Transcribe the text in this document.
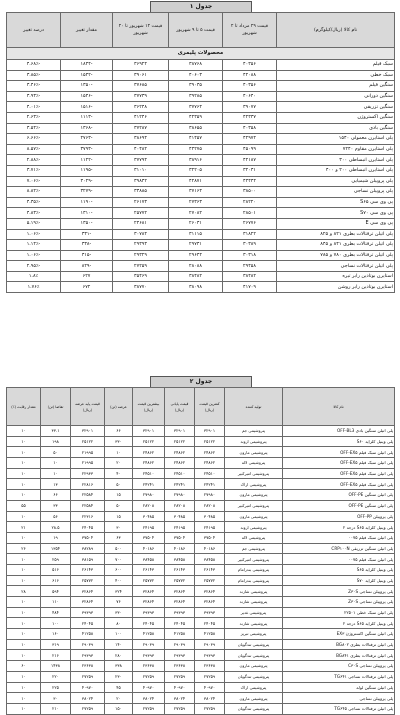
جدول ۱
نام کالا (ریال/کیلوگرم)	قیمت ۲۹ مرداد تا ۲ شهریور	قیمت ۵ تا ۹ شهریور	قیمت ۱۲ شهریور تا ۲۰ شهریور	مقدار تغییر	درصد تغییر
محصولات پلیمری					
سبک فیلم	۴۰۳۵۶	۳۸۷۶۸	۳۶۹۲۴	-۱۸۴۴	-۴.۶۸٪
سبک خطی	۴۲۰۸۸	۴۰۶۰۳	۳۹۰۶۱	-۱۵۴۲	-۳.۸۵٪
سنگین فیلم	۴۰۳۵۶	۳۹۰۳۵	۳۷۶۸۵	-۱۳۵۰	-۳.۴۶٪
سنگین دورانی	۴۰۶۴۰	۳۹۲۸۵	۳۷۷۳۹	-۱۵۴۶	-۳.۹۳٪
سنگین تزریقی	۳۹۰۷۷	۳۷۷۶۴	۳۶۲۴۸	-۱۵۱۶	-۴.۰۱٪
سنگین اکستروژن	۴۲۳۳۷	۴۲۳۵۹	۴۱۲۴۶	-۱۱۱۳	-۲.۶۳٪
سنگین بادی	۴۰۳۵۸	۳۸۶۵۵	۳۷۲۸۷	-۱۳۶۸	-۳.۵۴٪
پلی استایرن معمولی ۱۵۴۰	۴۲۹۷۴	۴۱۴۵۷	۳۸۶۹۴	-۲۷۶۳	-۶.۶۶٪
پلی استایرن مقاوم ۷۲۴۰	۴۵۰۹۹	۴۴۲۷۵	۴۰۴۸۲	-۳۷۹۳	-۸.۵۷٪
پلی استایرن انبساطی ۳۰۰	۴۲۱۸۷	۳۸۹۱۶	۳۷۷۹۴	-۱۱۲۲	-۲.۸۸٪
پلی استایرن انبساطی ۲۰۰ و ۴۰۰	۳۲۰۳۱	۳۲۲۰۵	۳۱۰۱۰	-۱۱۹۵	-۳.۷۱٪
پلی پروپیلن شیمیایی	۴۴۴۴۴	۴۲۸۷۱	۳۹۸۴۲	-۳۰۲۹	-۷.۰۶٪
پلی پروپیلن نساجی	۳۸۵۰۰	۳۷۱۶۴	۳۳۸۸۵	-۳۲۷۹	-۸.۸۲٪
پی وی سی S۶۵	۲۸۲۲۰	۲۷۳۶۳	۲۶۱۷۳	-۱۱۹۰	-۴.۳۵٪
پی وی سی S۷۰	۲۸۵۰۱	۲۷۰۸۲	۲۵۷۷۲	-۱۳۱۰	-۴.۸۳٪
پی وی سی E	۲۶۷۷۶	۲۶۰۳۱	۲۴۶۸۱	-۱۳۵۰	-۵.۱۹٪
پلی اتیلن ترفتالات بطری ۸۲۱ و ۸۲۵	۳۱۸۲۲	۳۱۱۱۵	۳۰۷۸۴	-۳۳۱	-۱.۰۶٪
پلی اتیلن ترفتالات بطری ۸۴۱ و ۸۴۵	۳۰۳۸۹	۲۹۷۳۱	۲۹۳۹۳	-۳۳۸	-۱.۱۴٪
پلی اتیلن ترفتالات بطری ۷۸۰ و ۷۸۵	۳۰۳۱۸	۲۹۶۴۴	۲۹۳۲۹	-۳۱۵	-۱.۰۶٪
پلی اتیلن ترفتالات نساجی	۲۹۴۵۸	۲۸۰۸۸	۲۷۲۵۹	-۸۲۹	-۲.۹۵٪
استایرن بوتادین رابر تیره	۳۸۴۸۲	۳۸۴۸۲	۳۵۴۶۹	۶۲۷	۱.۸٪
استایرن بوتادین رابر روشن	۴۱۷۰۹	۳۸۰۹۸	۳۸۷۷۰	۶۷۲	۱.۷۶٪
جدول ۲
نام کالا	تولید کننده	کمترین قیمت (ریال)	قیمت پایانی (ریال)	بیشترین قیمت (ریال)	عرضه (تن)	قیمت پایه عرضه (ریال)	تقاضا (تن)	مقدار رقابت (٪)
پلی اتیلن سنگین بادی OFF-BL3	پتروشیمی جم	۳۲۹۰۱	۳۲۹۰۱	۳۲۹۰۱	۶۶	۳۲۹۰۱	۳۳.۱	۱۰
پلی وینیل کلراید S۶۰	پتروشیمی اروند	۲۵۱۲۲	۲۵۱۲۲	۲۵۱۲۲	۳۳۰	۲۵۱۲۲	۱۹۸	۱۰
پلی اتیلن سبک فیلم OFF-EX۵	پتروشیمی مارون	۲۴۸۶۲	۲۴۸۶۲	۲۴۸۶۲	۱۰	۲۱۹۹۵	۵۰	۱۰
پلی اتیلن سبک فیلم OFF-EX۵	پتروشیمی لاله	۲۴۸۶۲	۲۴۸۶۲	۲۴۸۶۲	۲۰	۲۱۹۹۵	۱۰	۱۰
پلی اتیلن سبک فیلم OFF-EX۵	پتروشیمی امیرکبیر	۲۴۵۱۰	۲۴۵۱۰	۲۴۵۱۰	۴۰	۲۲۹۳۳	۱۰	۱۰
پلی اتیلن سبک فیلم OFF-EX۵	پتروشیمی اراک	۲۴۲۴۱	۲۴۲۴۱	۲۴۲۴۱	۵۰	۲۲۸۱۶	۱۳	۱۰
پلی اتیلن سنگین OFF-PE	پتروشیمی مارون	۲۷۹۸۰	۲۷۹۸۰	۲۷۹۸۰	۱۵	۲۲۵۸۴	۶۶	۱۰
پلی اتیلن سنگین OFF-PE	پتروشیمی امیرکبیر	۲۸۲۰۸	۲۸۲۰۸	۲۸۲۰۸	۵۰	۲۲۵۸۴	۳۳	۵۵
پلی پروپیلن OFF-PP	پتروشیمی مارون	۳۰۴۸۵	۳۰۴۸۵	۳۰۴۸۵	۱۵	۲۲۳۱۶	۵۶	۱۰
پلی وینیل کلراید S۶۵ درجه ۲	پتروشیمی اروند	۲۴۱۹۵	۲۴۱۹۵	۲۴۱۹۵	۳۰	۲۴۰۴۵	۲۸.۵	۲۱
پلی اتیلن سبک فیلم ۰۰۷۵	پتروشیمی لاله	۳۷۵۰۴	۳۷۵۰۴	۳۷۵۰۴	۶۳	۳۷۵۰۴	۱۹	۱۰
پلی اتیلن سنگین تزریقی CRP۱۰۰N	پتروشیمی جم	۴۰۱۸۶	۴۰۱۸۶	۴۰۱۸۶	۵۰۰	۳۸۲۸۹	۱۳۵۴	۲۶
پلی اتیلن سبک فیلم ۰۰۷۵	پتروشیمی امیرکبیر	۳۸۴۵۸	۳۸۴۵۸	۳۸۴۵۸	۷۰۰	۳۸۱۵۹	۲۵۹	۱۰
پلی وینیل کلراید S۶۵	پتروشیمی بندرامام	۲۶۱۴۳	۲۶۱۴۳	۲۶۱۴۳	۶۰۰	۲۶۱۴۳	۵۱۶	۱۰
پلی وینیل کلراید S۷۰	پتروشیمی بندرامام	۲۵۷۷۲	۲۵۷۷۲	۲۵۷۷۲	۴۰۰	۲۵۷۷۲	۶۱۶	۱۰
پلی پروپیلن نساجی Z۳۰S	پتروشیمی شازند	۳۲۸۶۴	۳۲۸۶۴	۳۲۸۶۴	۳۲۴	۳۲۸۶۴	۵۹۴	۲۸
پلی پروپیلن نساجی Z۳۰S	پتروشیمی شازند	۳۲۸۶۴	۳۲۸۶۴	۳۲۸۶۴	۷۶	۳۲۸۶۴	۱۱۰	۱۰
پلی اتیلن سبک خطی ۲۲۵۰۱	پتروشیمی غدیر	۳۹۳۹۳	۳۹۳۹۳	۳۹۳۹۳	۳۳۰	۳۹۳۹۳	۴۸۴	۱۰
پلی وینیل کلراید S۶۵ درجه ۲	پتروشیمی شازند	۲۴۰۴۵	۲۴۰۴۵	۲۴۰۴۵	۸۰	۲۴۰۴۵	۱۰۰	۱۰
پلی اتیلن سنگین اکستروژن EX۳	پتروشیمی تبریز	۴۱۲۵۸	۴۱۲۵۸	۴۱۲۵۸	۱۰۰	۴۱۲۵۸	۱۶۰	۱۰
پلی اتیلن ترفتالات بطری BG۸۰۲	پتروشیمی تندگویان	۲۹۰۳۹	۲۹۰۳۹	۲۹۰۳۹	۱۴۰	۲۹۰۳۹	۳۱۹	۱۰
پلی اتیلن ترفتالات بطری BG۸۴۱	پتروشیمی تندگویان	۲۹۳۹۳	۲۹۳۹۳	۲۹۳۹۳	۲۸۰	۲۹۳۹۳	۲۱۶	۱۰
پلی پروپیلن نساجی C۳۰S	پتروشیمی مارون	۲۳۶۳۸	۲۳۶۳۸	۲۳۶۳۸	۳۳۸	۲۳۶۳۸	۱۴۳۸	۶۰
پلی اتیلن ترفتالات نساجی TG۶۴۱	پتروشیمی تندگویان	۲۷۲۵۹	۲۷۲۵۹	۲۷۲۵۹	۲۳۰	۲۷۲۵۹	۲۲۰	۱۰
پلی اتیلن سنگین لوله	پتروشیمی اراک	۴۰۹۷۰	۴۰۹۷۰	۴۰۹۷۰	۴۵	۴۰۹۷۰	۲۲۵	۱۰
پلی پروپیلن نساجی	پتروشیمی مارون	۳۸۰۲۴	۳۸۰۲۴	۳۸۰۲۴	۲۰	۳۸۰۲۴	۳۰	۱۰
پلی اتیلن ترفتالات نساجی TG۶۴۵	پتروشیمی تندگویان	۲۷۲۵۹	۲۷۲۵۹	۲۷۲۵۹	۱۵۰	۲۷۲۵۹	۲۱۰	۱۰
